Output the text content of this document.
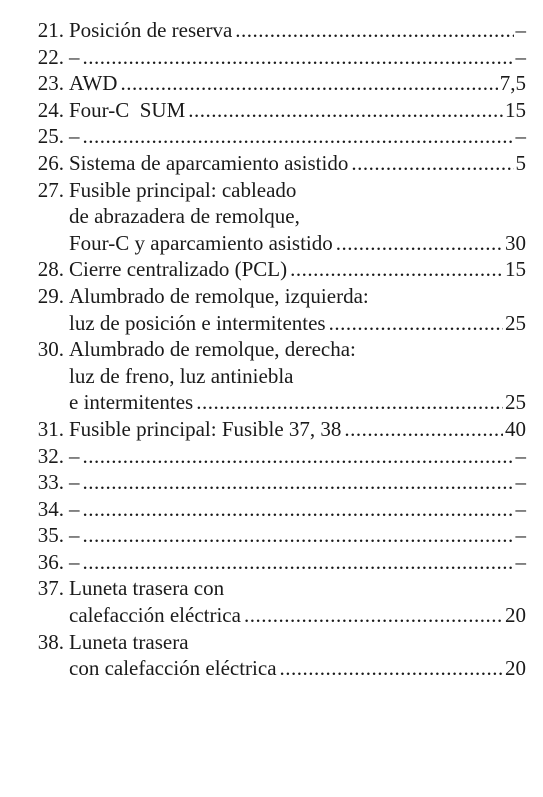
21. Posición de reserva .....	–
22. – .....	–
23. AWD .....	7,5
24. Four-C  SUM .....	15
25. – .....	–
26. Sistema de aparcamiento asistido .....	5
27. Fusible principal: cableado
de abrazadera de remolque,
Four-C y aparcamiento asistido .....	30
28. Cierre centralizado (PCL) .....	15
29. Alumbrado de remolque, izquierda:
luz de posición e intermitentes .....	25
30. Alumbrado de remolque, derecha:
luz de freno, luz antiniebla
e intermitentes .....	25
31. Fusible principal: Fusible 37, 38 .....	40
32. – .....	–
33. – .....	–
34. – .....	–
35. – .....	–
36. – .....	–
37. Luneta trasera con
calefacción eléctrica .....	20
38. Luneta trasera
con calefacción eléctrica .....	20
